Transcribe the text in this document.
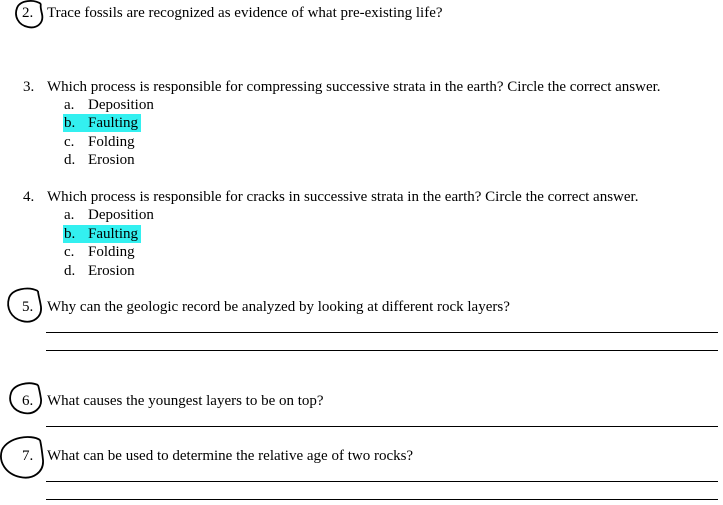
2. Trace fossils are recognized as evidence of what pre-existing life?
3. Which process is responsible for compressing successive strata in the earth? Circle the correct answer.
a. Deposition
b. Faulting
c. Folding
d. Erosion
4. Which process is responsible for cracks in successive strata in the earth? Circle the correct answer.
a. Deposition
b. Faulting
c. Folding
d. Erosion
5. Why can the geologic record be analyzed by looking at different rock layers?
6. What causes the youngest layers to be on top?
7. What can be used to determine the relative age of two rocks?
